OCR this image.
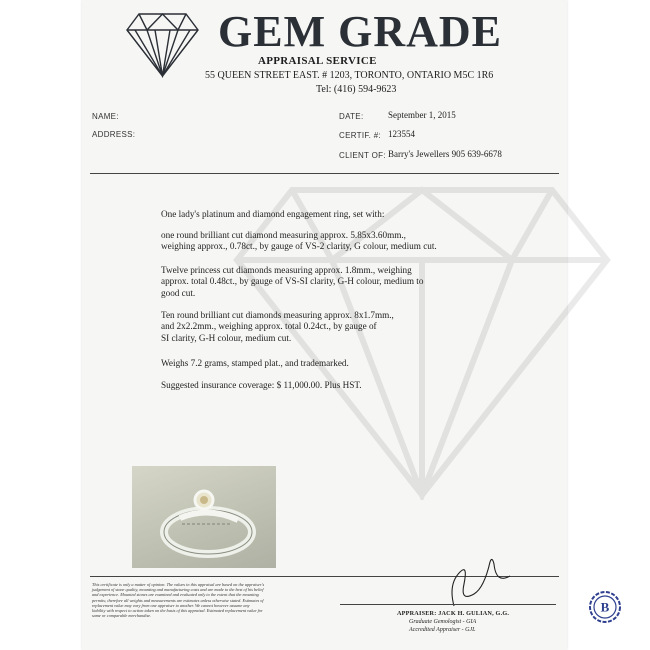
GEM GRADE
APPRAISAL SERVICE
55 QUEEN STREET EAST. # 1203, TORONTO, ONTARIO M5C 1R6
Tel: (416) 594-9623
NAME:
ADDRESS:
DATE:	September 1, 2015
CERTIF. #: 123554
CLIENT OF: Barry's Jewellers 905 639-6678
One lady's platinum and diamond engagement ring, set with:
one round brilliant cut diamond measuring approx. 5.85x3.60mm.,
weighing approx., 0.78ct., by gauge of VS-2 clarity, G colour, medium cut.
Twelve princess cut diamonds measuring approx. 1.8mm., weighing
approx. total 0.48ct., by gauge of VS-SI clarity, G-H colour, medium to
good cut.
Ten round brilliant cut diamonds measuring approx. 8x1.7mm.,
and 2x2.2mm., weighing approx. total 0.24ct., by gauge of
SI clarity, G-H colour, medium cut.
Weighs 7.2 grams, stamped plat., and trademarked.
Suggested insurance coverage: $ 11,000.00. Plus HST.
This certificate is only a matter of opinion. The values in this appraisal are based on the appraiser's
judgement of stone quality, mounting and manufacturing costs and are made to the best of his belief
and experience. Mounted stones are examined and evaluated only to the extent that the mounting
permits; therefore all weights and measurements are estimates unless otherwise stated. Estimates of
replacement value may vary from one appraiser to another. We cannot however assume any
liability with respect to action taken on the basis of this appraisal. Estimated replacement value for
same or comparable merchandise.	APPRAISER: JACK H. GULIAN, G.G.
Graduate Gemologist - GIA
Accredited Appraiser - GJL
B
